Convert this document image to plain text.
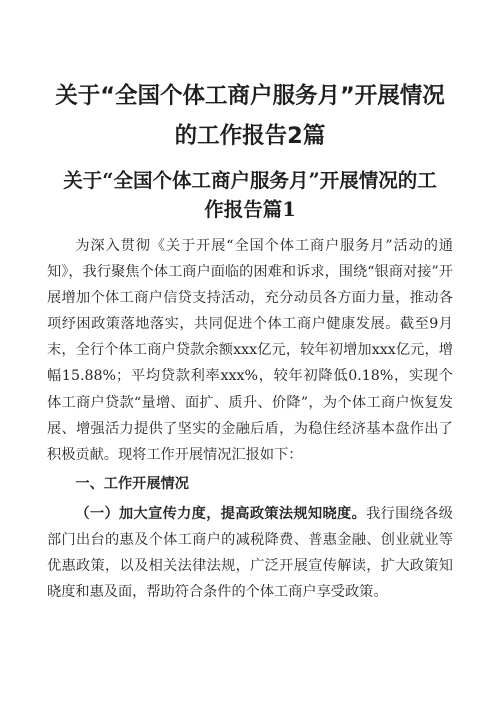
关于“全国个体工商户服务月”开展情况
的工作报告2篇
关于“全国个体工商户服务月”开展情况的工
作报告篇1

为深入贯彻《关于开展“全国个体工商户服务月”活动的通知》，我行聚焦个体工商户面临的困难和诉求，围绕“银商对接”开展增加个体工商户信贷支持活动，充分动员各方面力量，推动各项纾困政策落地落实，共同促进个体工商户健康发展。截至9月末，全行个体工商户贷款余额xxx亿元，较年初增加xxx亿元，增幅15.88%；平均贷款利率xxx%，较年初降低0.18%，实现个体工商户贷款“量增、面扩、质升、价降”，为个体工商户恢复发展、增强活力提供了坚实的金融后盾，为稳住经济基本盘作出了积极贡献。现将工作开展情况汇报如下：

一、工作开展情况

（一）加大宣传力度，提高政策法规知晓度。我行围绕各级部门出台的惠及个体工商户的减税降费、普惠金融、创业就业等优惠政策，以及相关法律法规，广泛开展宣传解读，扩大政策知晓度和惠及面，帮助符合条件的个体工商户享受政策。
